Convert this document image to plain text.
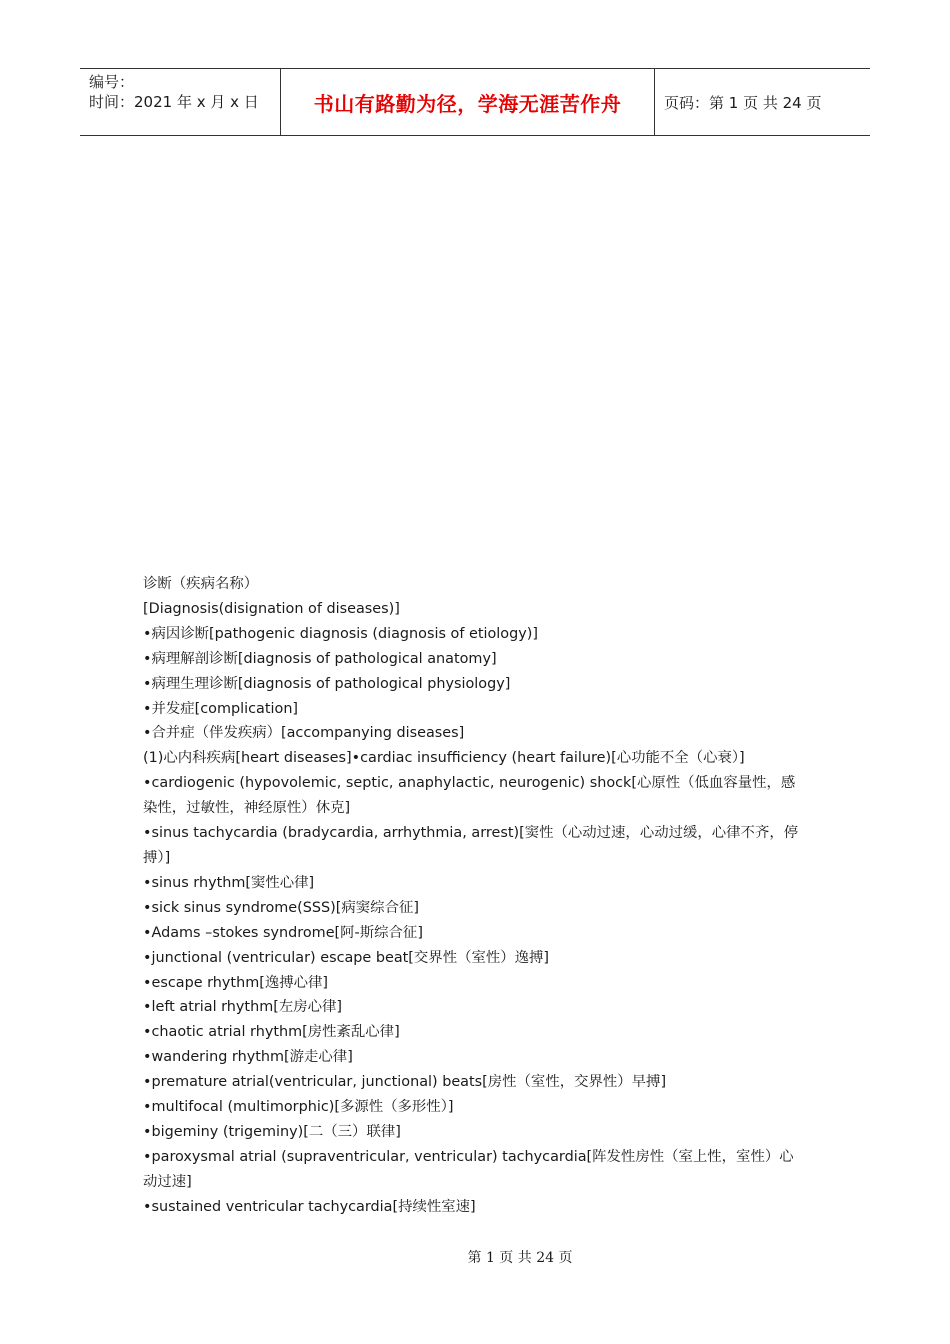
编号：
时间：2021 年 x 月 x 日	书山有路勤为径，学海无涯苦作舟	页码：第 1 页 共 24 页

诊断（疾病名称）

[Diagnosis(disignation of diseases)]

•病因诊断[pathogenic diagnosis (diagnosis of etiology)]

•病理解剖诊断[diagnosis of pathological anatomy]

•病理生理诊断[diagnosis of pathological physiology]

•并发症[complication]

•合并症（伴发疾病）[accompanying diseases]

(1)心内科疾病[heart diseases]•cardiac insufficiency (heart failure)[心功能不全（心衰）]

•cardiogenic (hypovolemic, septic, anaphylactic, neurogenic) shock[心原性（低血容量性，感

染性，过敏性，神经原性）休克]

•sinus tachycardia (bradycardia, arrhythmia, arrest)[窦性（心动过速，心动过缓，心律不齐，停

搏）]

•sinus rhythm[窦性心律]

•sick sinus syndrome(SSS)[病窦综合征]

•Adams –stokes syndrome[阿-斯综合征]

•junctional (ventricular) escape beat[交界性（室性）逸搏]

•escape rhythm[逸搏心律]

•left atrial rhythm[左房心律]

•chaotic atrial rhythm[房性紊乱心律]

•wandering rhythm[游走心律]

•premature atrial(ventricular, junctional) beats[房性（室性，交界性）早搏]

•multifocal (multimorphic)[多源性（多形性）]

•bigeminy (trigeminy)[二（三）联律]

•paroxysmal atrial (supraventricular, ventricular) tachycardia[阵发性房性（室上性，室性）心

动过速]

•sustained ventricular tachycardia[持续性室速]

第 1 页 共 24 页
